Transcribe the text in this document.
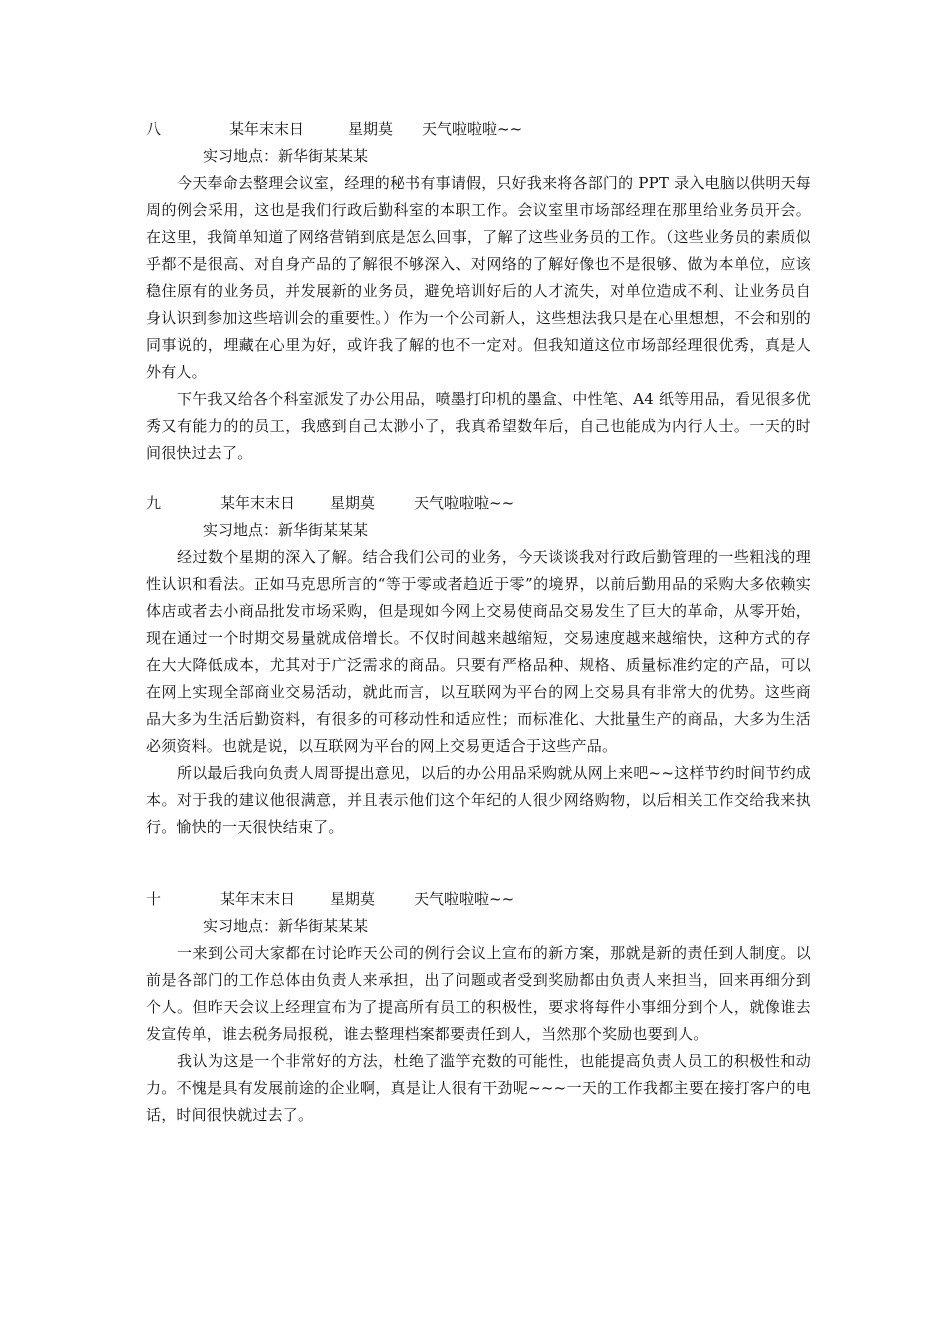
八	某年末末日	星期莫 天气啦啦啦~~
实习地点：新华街某某某

今天奉命去整理会议室，经理的秘书有事请假，只好我来将各部门的 PPT 录入电脑以供明天每周的例会采用，这也是我们行政后勤科室的本职工作。会议室里市场部经理在那里给业务员开会。在这里，我简单知道了网络营销到底是怎么回事，了解了这些业务员的工作。（这些业务员的素质似乎都不是很高、对自身产品的了解很不够深入、对网络的了解好像也不是很够、做为本单位，应该稳住原有的业务员，并发展新的业务员，避免培训好后的人才流失，对单位造成不利、让业务员自身认识到参加这些培训会的重要性。）作为一个公司新人，这些想法我只是在心里想想，不会和别的同事说的，埋藏在心里为好，或许我了解的也不一定对。但我知道这位市场部经理很优秀，真是人外有人。

下午我又给各个科室派发了办公用品，喷墨打印机的墨盒、中性笔、A4 纸等用品，看见很多优秀又有能力的的员工，我感到自己太渺小了，我真希望数年后，自己也能成为内行人士。一天的时间很快过去了。

九	某年末末日 星期莫	天气啦啦啦~~
实习地点：新华街某某某

经过数个星期的深入了解。结合我们公司的业务，今天谈谈我对行政后勤管理的一些粗浅的理性认识和看法。正如马克思所言的“等于零或者趋近于零”的境界，以前后勤用品的采购大多依赖实体店或者去小商品批发市场采购，但是现如今网上交易使商品交易发生了巨大的革命，从零开始，现在通过一个时期交易量就成倍增长。不仅时间越来越缩短，交易速度越来越缩快，这种方式的存在大大降低成本，尤其对于广泛需求的商品。只要有严格品种、规格、质量标准约定的产品，可以在网上实现全部商业交易活动，就此而言，以互联网为平台的网上交易具有非常大的优势。这些商品大多为生活后勤资料，有很多的可移动性和适应性；而标准化、大批量生产的商品，大多为生活必须资料。也就是说，以互联网为平台的网上交易更适合于这些产品。

所以最后我向负责人周哥提出意见，以后的办公用品采购就从网上来吧~~这样节约时间节约成本。对于我的建议他很满意，并且表示他们这个年纪的人很少网络购物，以后相关工作交给我来执行。愉快的一天很快结束了。

十	某年末末日 星期莫	天气啦啦啦~~
实习地点：新华街某某某

一来到公司大家都在讨论昨天公司的例行会议上宣布的新方案，那就是新的责任到人制度。以前是各部门的工作总体由负责人来承担，出了问题或者受到奖励都由负责人来担当，回来再细分到个人。但昨天会议上经理宣布为了提高所有员工的积极性，要求将每件小事细分到个人，就像谁去发宣传单，谁去税务局报税，谁去整理档案都要责任到人，当然那个奖励也要到人。

我认为这是一个非常好的方法，杜绝了滥竽充数的可能性，也能提高负责人员工的积极性和动力。不愧是具有发展前途的企业啊，真是让人很有干劲呢~~~一天的工作我都主要在接打客户的电话，时间很快就过去了。
